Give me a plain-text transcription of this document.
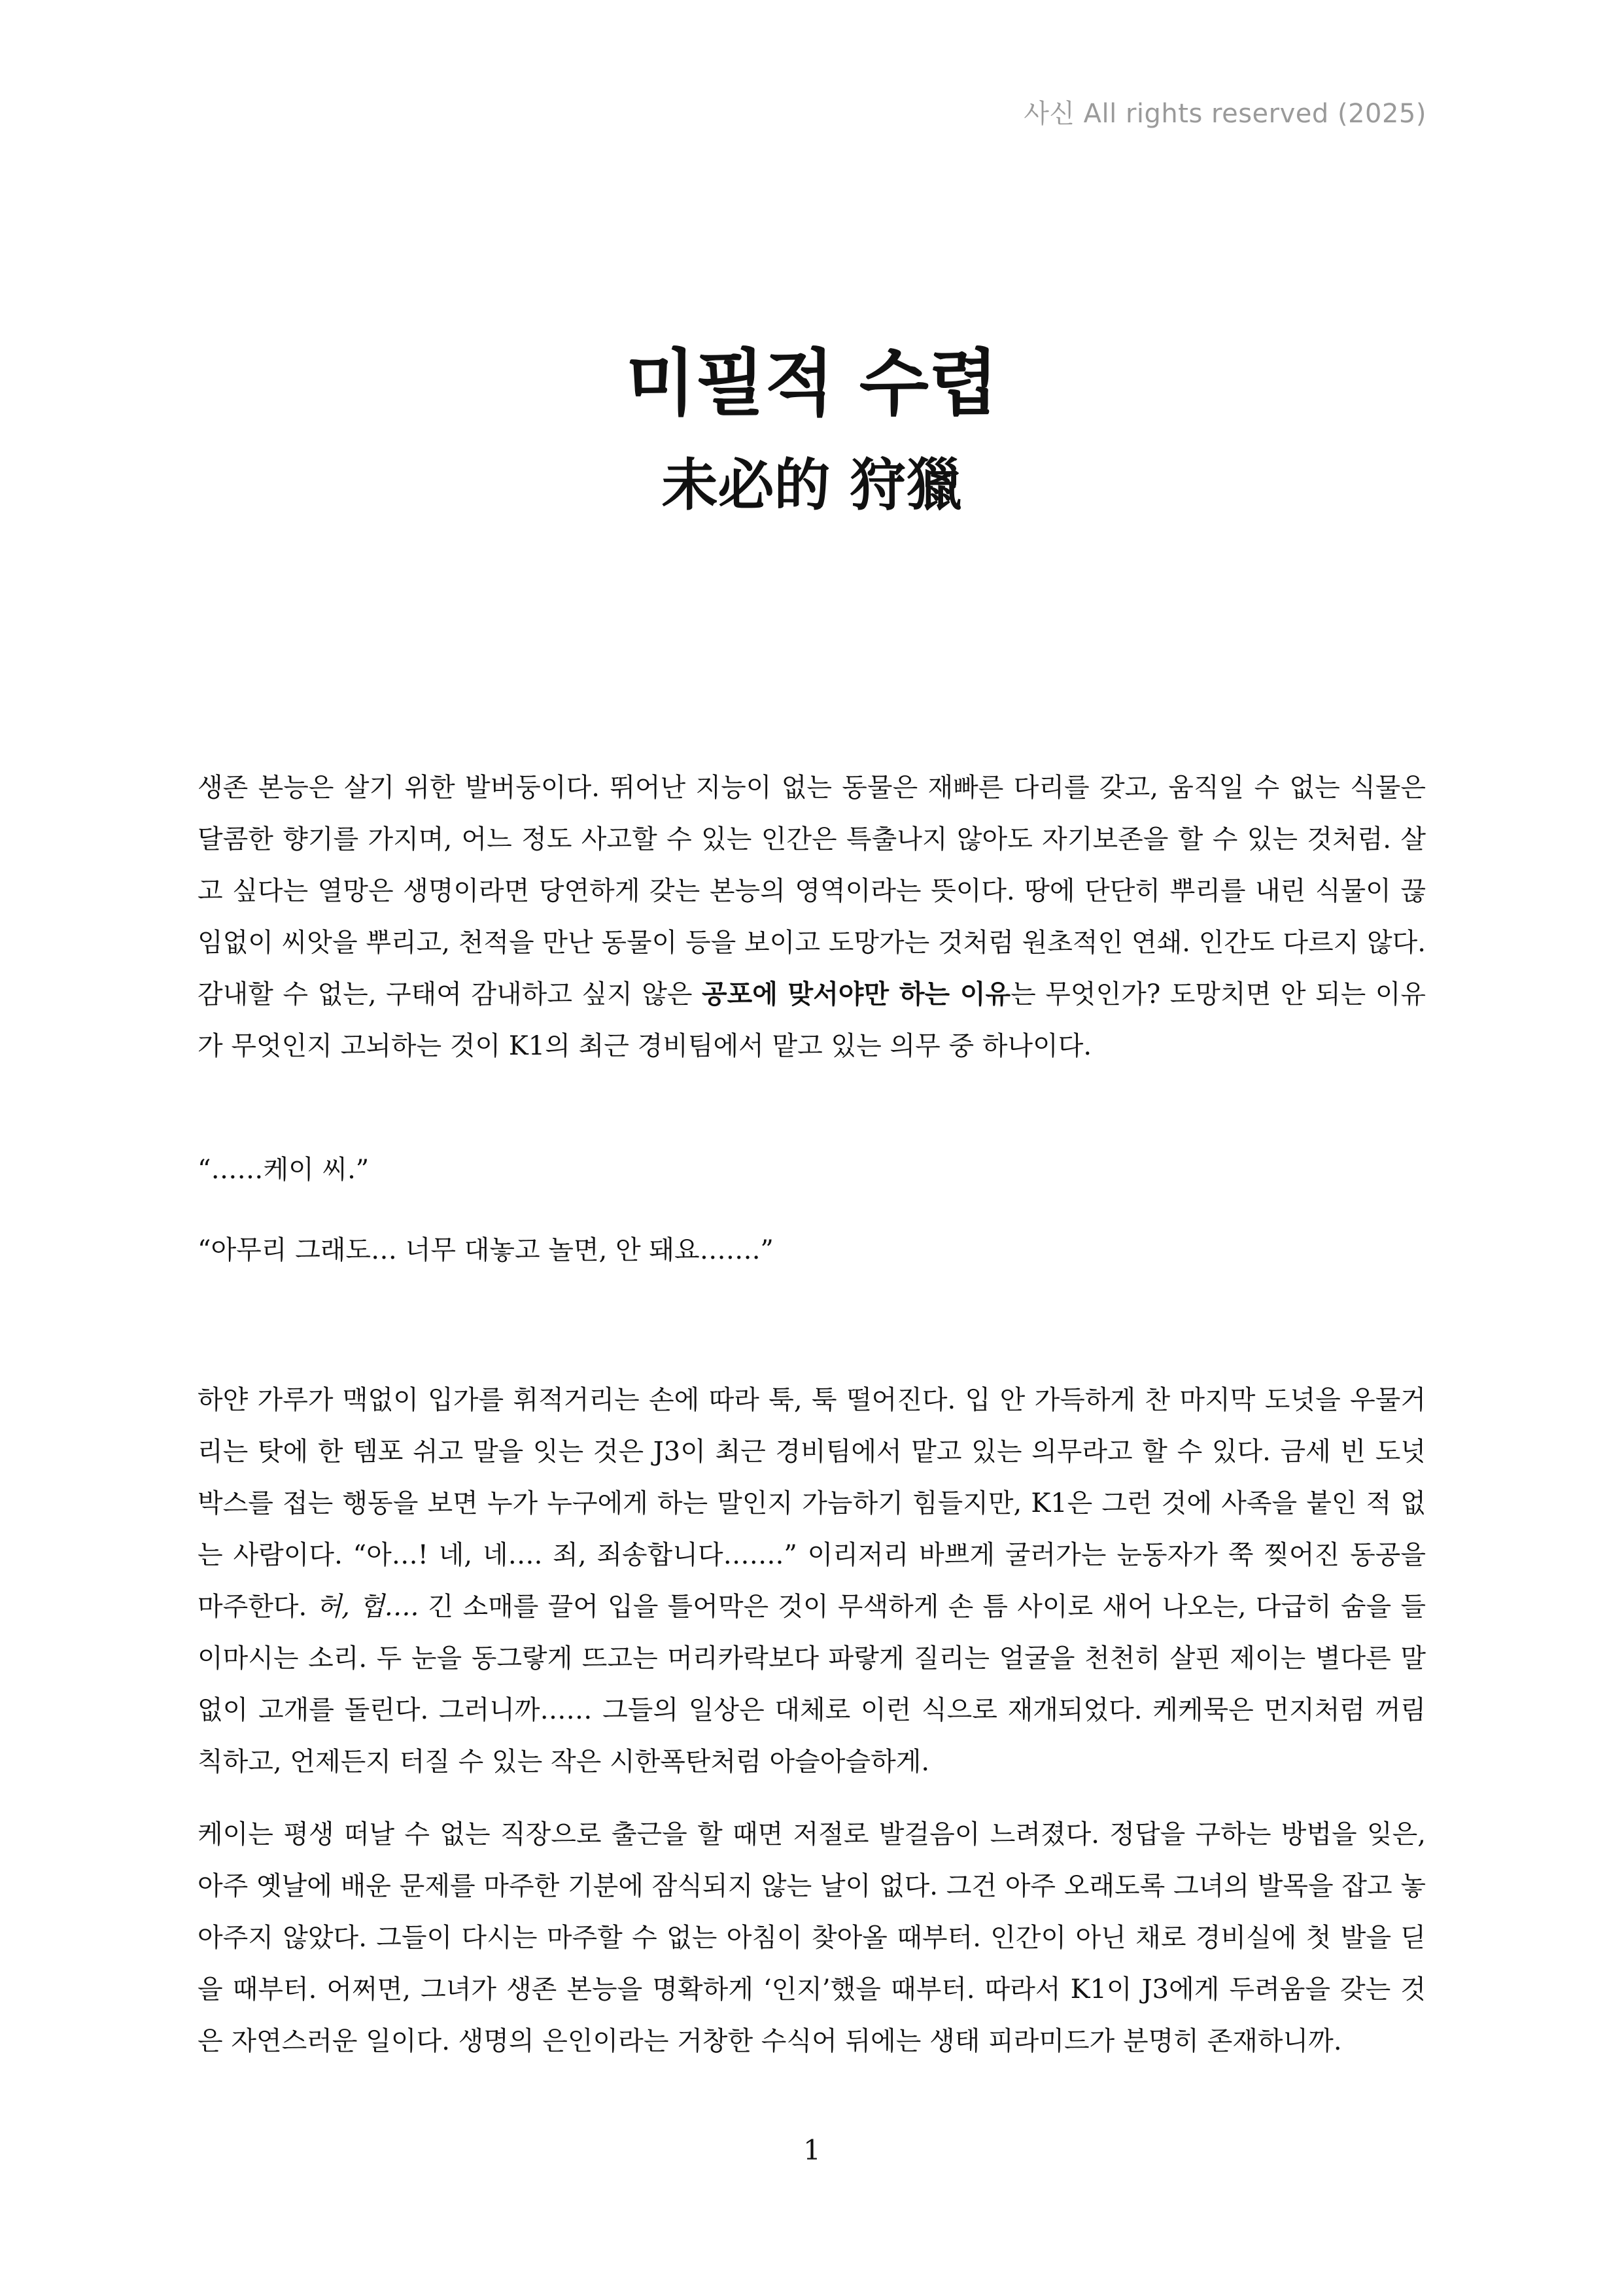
사신 All rights reserved (2025)
미필적 수렵
未必的 狩獵

생존 본능은 살기 위한 발버둥이다. 뛰어난 지능이 없는 동물은 재빠른 다리를 갖고, 움직일 수 없는 식물은 달콤한 향기를 가지며, 어느 정도 사고할 수 있는 인간은 특출나지 않아도 자기보존을 할 수 있는 것처럼. 살고 싶다는 열망은 생명이라면 당연하게 갖는 본능의 영역이라는 뜻이다. 땅에 단단히 뿌리를 내린 식물이 끊임없이 씨앗을 뿌리고, 천적을 만난 동물이 등을 보이고 도망가는 것처럼 원초적인 연쇄. 인간도 다르지 않다. 감내할 수 없는, 구태여 감내하고 싶지 않은 공포에 맞서야만 하는 이유는 무엇인가? 도망치면 안 되는 이유가 무엇인지 고뇌하는 것이 K1의 최근 경비팀에서 맡고 있는 의무 중 하나이다.

“……케이 씨.”

“아무리 그래도… 너무 대놓고 놀면, 안 돼요…….”

하얀 가루가 맥없이 입가를 휘적거리는 손에 따라 툭, 툭 떨어진다. 입 안 가득하게 찬 마지막 도넛을 우물거리는 탓에 한 템포 쉬고 말을 잇는 것은 J3이 최근 경비팀에서 맡고 있는 의무라고 할 수 있다. 금세 빈 도넛 박스를 접는 행동을 보면 누가 누구에게 하는 말인지 가늠하기 힘들지만, K1은 그런 것에 사족을 붙인 적 없는 사람이다. “아…! 네, 네…. 죄, 죄송합니다…….” 이리저리 바쁘게 굴러가는 눈동자가 쭉 찢어진 동공을 마주한다. 허, 헙…. 긴 소매를 끌어 입을 틀어막은 것이 무색하게 손 틈 사이로 새어 나오는, 다급히 숨을 들이마시는 소리. 두 눈을 동그랗게 뜨고는 머리카락보다 파랗게 질리는 얼굴을 천천히 살핀 제이는 별다른 말 없이 고개를 돌린다. 그러니까…… 그들의 일상은 대체로 이런 식으로 재개되었다. 케케묵은 먼지처럼 꺼림칙하고, 언제든지 터질 수 있는 작은 시한폭탄처럼 아슬아슬하게.

케이는 평생 떠날 수 없는 직장으로 출근을 할 때면 저절로 발걸음이 느려졌다. 정답을 구하는 방법을 잊은, 아주 옛날에 배운 문제를 마주한 기분에 잠식되지 않는 날이 없다. 그건 아주 오래도록 그녀의 발목을 잡고 놓아주지 않았다. 그들이 다시는 마주할 수 없는 아침이 찾아올 때부터. 인간이 아닌 채로 경비실에 첫 발을 딛을 때부터. 어쩌면, 그녀가 생존 본능을 명확하게 ‘인지’했을 때부터. 따라서 K1이 J3에게 두려움을 갖는 것은 자연스러운 일이다. 생명의 은인이라는 거창한 수식어 뒤에는 생태 피라미드가 분명히 존재하니까.

1
